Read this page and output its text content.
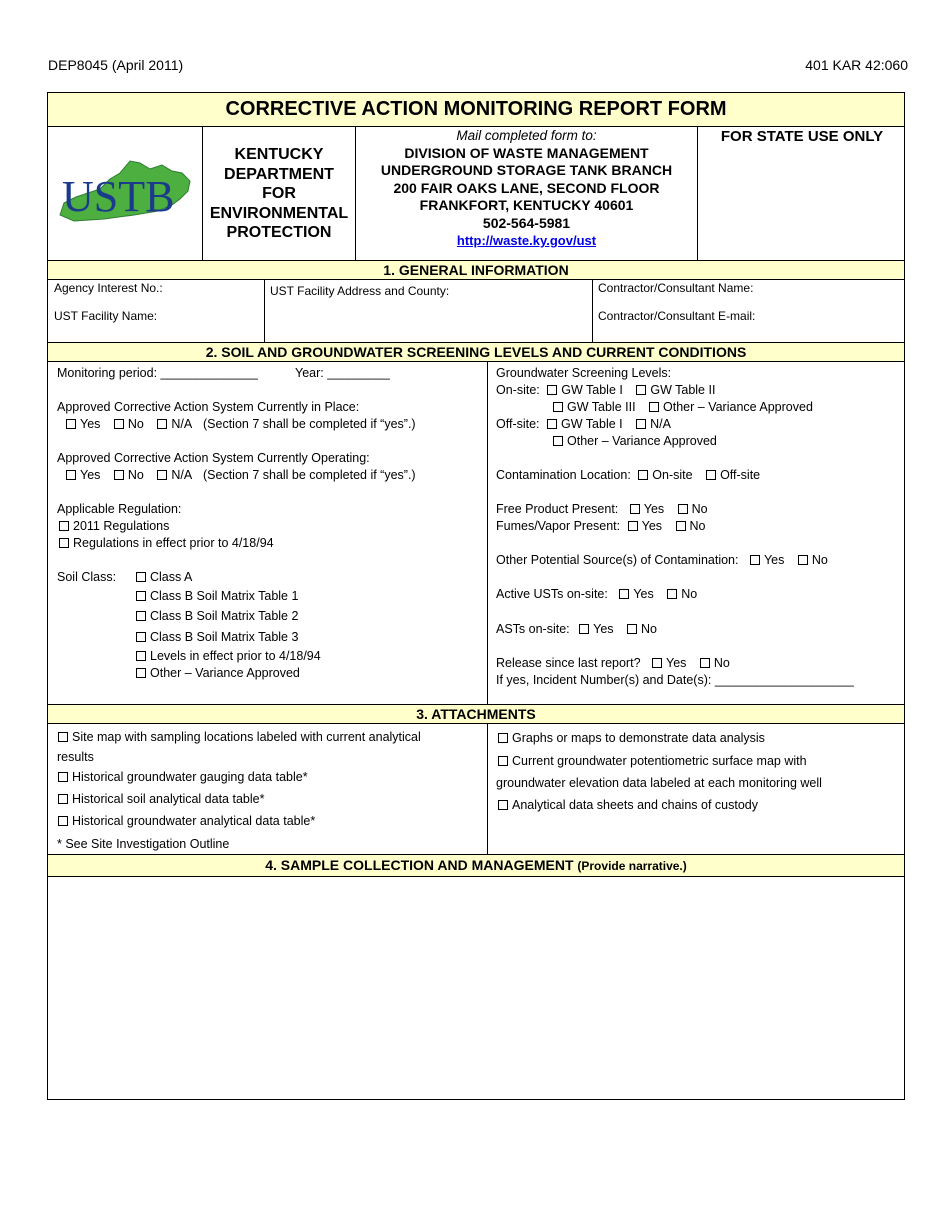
DEP8045 (April 2011)	401 KAR 42:060
CORRECTIVE ACTION MONITORING REPORT FORM
USTB
KENTUCKY
DEPARTMENT
FOR
ENVIRONMENTAL
PROTECTION
Mail completed form to:
DIVISION OF WASTE MANAGEMENT
UNDERGROUND STORAGE TANK BRANCH
200 FAIR OAKS LANE, SECOND FLOOR
FRANKFORT, KENTUCKY 40601
502-564-5981
http://waste.ky.gov/ust
FOR STATE USE ONLY
1. GENERAL INFORMATION
Agency Interest No.:
UST Facility Name:
UST Facility Address and County:	Contractor/Consultant Name:
Contractor/Consultant E-mail:
2. SOIL AND GROUNDWATER SCREENING LEVELS AND CURRENT CONDITIONS
Monitoring period: ______________	Year: _________
Approved Corrective Action System Currently in Place:
Yes No N/A (Section 7 shall be completed if “yes”.)
Approved Corrective Action System Currently Operating:
Yes No N/A (Section 7 shall be completed if “yes”.)
Applicable Regulation:
2011 Regulations
Regulations in effect prior to 4/18/94
Soil Class:	Class A
Class B Soil Matrix Table 1
Class B Soil Matrix Table 2
Class B Soil Matrix Table 3
Levels in effect prior to 4/18/94
Other – Variance Approved
Groundwater Screening Levels:
On-site: GW Table I GW Table II
GW Table III Other – Variance Approved
Off-site: GW Table I N/A
Other – Variance Approved
Contamination Location: On-site Off-site
Free Product Present: Yes No
Fumes/Vapor Present: Yes No
Other Potential Source(s) of Contamination: Yes No
Active USTs on-site: Yes No
ASTs on-site: Yes No
Release since last report? Yes No
If yes, Incident Number(s) and Date(s): ____________________
3. ATTACHMENTS
Site map with sampling locations labeled with current analytical
results
Historical groundwater gauging data table*
Historical soil analytical data table*
Historical groundwater analytical data table*
* See Site Investigation Outline
Graphs or maps to demonstrate data analysis
Current groundwater potentiometric surface map with
groundwater elevation data labeled at each monitoring well
Analytical data sheets and chains of custody
4. SAMPLE COLLECTION AND MANAGEMENT (Provide narrative.)
